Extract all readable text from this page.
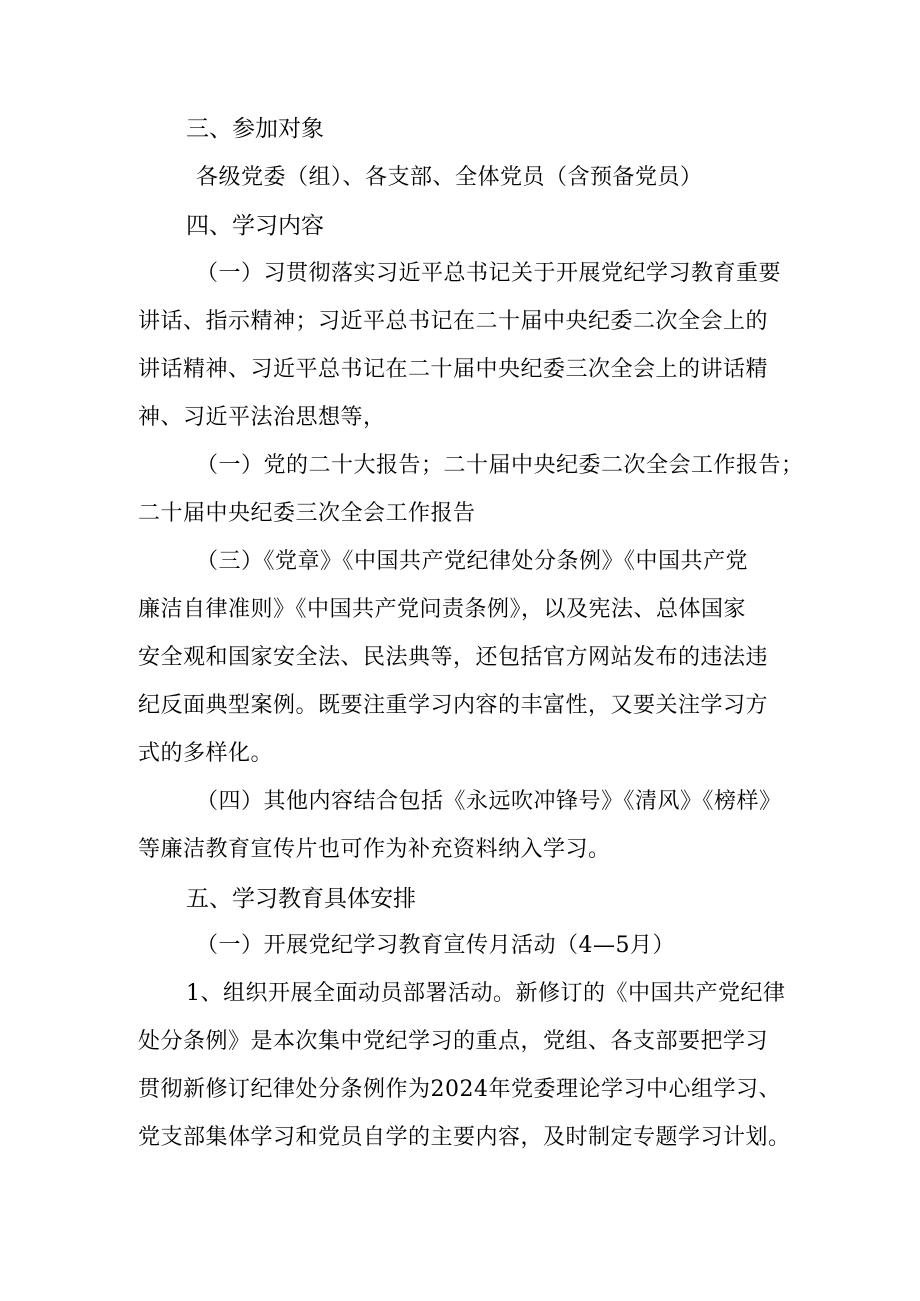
三、参加对象
各级党委（组）、各支部、全体党员（含预备党员）
四、学习内容
（一）习贯彻落实习近平总书记关于开展党纪学习教育重要
讲话、指示精神；习近平总书记在二十届中央纪委二次全会上的
讲话精神、习近平总书记在二十届中央纪委三次全会上的讲话精
神、习近平法治思想等，
（一）党的二十大报告；二十届中央纪委二次全会工作报告；
二十届中央纪委三次全会工作报告
（三）《党章》《中国共产党纪律处分条例》《中国共产党
廉洁自律准则》《中国共产党问责条例》，以及宪法、总体国家
安全观和国家安全法、民法典等，还包括官方网站发布的违法违
纪反面典型案例。既要注重学习内容的丰富性，又要关注学习方
式的多样化。
（四）其他内容结合包括《永远吹冲锋号》《清风》《榜样》
等廉洁教育宣传片也可作为补充资料纳入学习。
五、学习教育具体安排
（一）开展党纪学习教育宣传月活动（4—5月）
1、组织开展全面动员部署活动。新修订的《中国共产党纪律
处分条例》是本次集中党纪学习的重点，党组、各支部要把学习
贯彻新修订纪律处分条例作为2024年党委理论学习中心组学习、
党支部集体学习和党员自学的主要内容，及时制定专题学习计划。
